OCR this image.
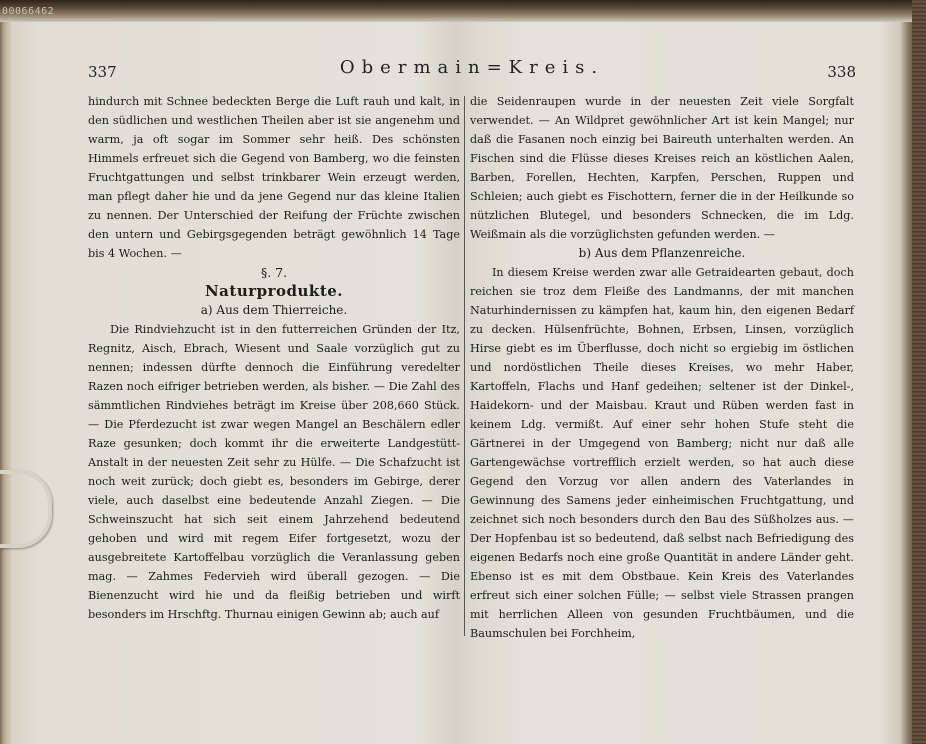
00066462
337	Obermain=Kreis.	338

hindurch mit Schnee bedeckten Berge die Luft rauh und kalt, in den südlichen und westlichen Theilen aber ist sie angenehm und warm, ja oft sogar im Sommer sehr heiß. Des schönsten Himmels erfreuet sich die Gegend von Bamberg, wo die feinsten Fruchtgattungen und selbst trinkbarer Wein erzeugt werden, man pflegt daher hie und da jene Gegend nur das kleine Italien zu nennen. Der Unterschied der Reifung der Früchte zwischen den untern und Gebirgsgegenden beträgt gewöhnlich 14 Tage bis 4 Wochen. —

§. 7.

Naturprodukte.

a) Aus dem Thierreiche.

Die Rindviehzucht ist in den futterreichen Gründen der Itz, Regnitz, Aisch, Ebrach, Wiesent und Saale vorzüglich gut zu nennen; indessen dürfte dennoch die Einführung veredelter Razen noch eifriger betrieben werden, als bisher. — Die Zahl des sämmtlichen Rindviehes beträgt im Kreise über 208,660 Stück. — Die Pferdezucht ist zwar wegen Mangel an Beschälern edler Raze gesunken; doch kommt ihr die erweiterte Landgestütt-Anstalt in der neuesten Zeit sehr zu Hülfe. — Die Schafzucht ist noch weit zurück; doch giebt es, besonders im Gebirge, derer viele, auch daselbst eine bedeutende Anzahl Ziegen. — Die Schweinszucht hat sich seit einem Jahrzehend bedeutend gehoben und wird mit regem Eifer fortgesetzt, wozu der ausgebreitete Kartoffelbau vorzüglich die Veranlassung geben mag. — Zahmes Federvieh wird überall gezogen. — Die Bienenzucht wird hie und da fleißig betrieben und wirft besonders im Hrschftg. Thurnau einigen Gewinn ab; auch auf

die Seidenraupen wurde in der neuesten Zeit viele Sorgfalt verwendet. — An Wildpret gewöhnlicher Art ist kein Mangel; nur daß die Fasanen noch einzig bei Baireuth unterhalten werden. An Fischen sind die Flüsse dieses Kreises reich an köstlichen Aalen, Barben, Forellen, Hechten, Karpfen, Perschen, Ruppen und Schleien; auch giebt es Fischottern, ferner die in der Heilkunde so nützlichen Blutegel, und besonders Schnecken, die im Ldg. Weißmain als die vorzüglichsten gefunden werden. —

b) Aus dem Pflanzenreiche.

In diesem Kreise werden zwar alle Getraidearten gebaut, doch reichen sie troz dem Fleiße des Landmanns, der mit manchen Naturhindernissen zu kämpfen hat, kaum hin, den eigenen Bedarf zu decken. Hülsenfrüchte, Bohnen, Erbsen, Linsen, vorzüglich Hirse giebt es im Überflusse, doch nicht so ergiebig im östlichen und nordöstlichen Theile dieses Kreises, wo mehr Haber, Kartoffeln, Flachs und Hanf gedeihen; seltener ist der Dinkel-, Haidekorn- und der Maisbau. Kraut und Rüben werden fast in keinem Ldg. vermißt. Auf einer sehr hohen Stufe steht die Gärtnerei in der Umgegend von Bamberg; nicht nur daß alle Gartengewächse vortrefflich erzielt werden, so hat auch diese Gegend den Vorzug vor allen andern des Vaterlandes in Gewinnung des Samens jeder einheimischen Fruchtgattung, und zeichnet sich noch besonders durch den Bau des Süßholzes aus. — Der Hopfenbau ist so bedeutend, daß selbst nach Befriedigung des eigenen Bedarfs noch eine große Quantität in andere Länder geht. Ebenso ist es mit dem Obstbaue. Kein Kreis des Vaterlandes erfreut sich einer solchen Fülle; — selbst viele Strassen prangen mit herrlichen Alleen von gesunden Fruchtbäumen, und die Baumschulen bei Forchheim,
